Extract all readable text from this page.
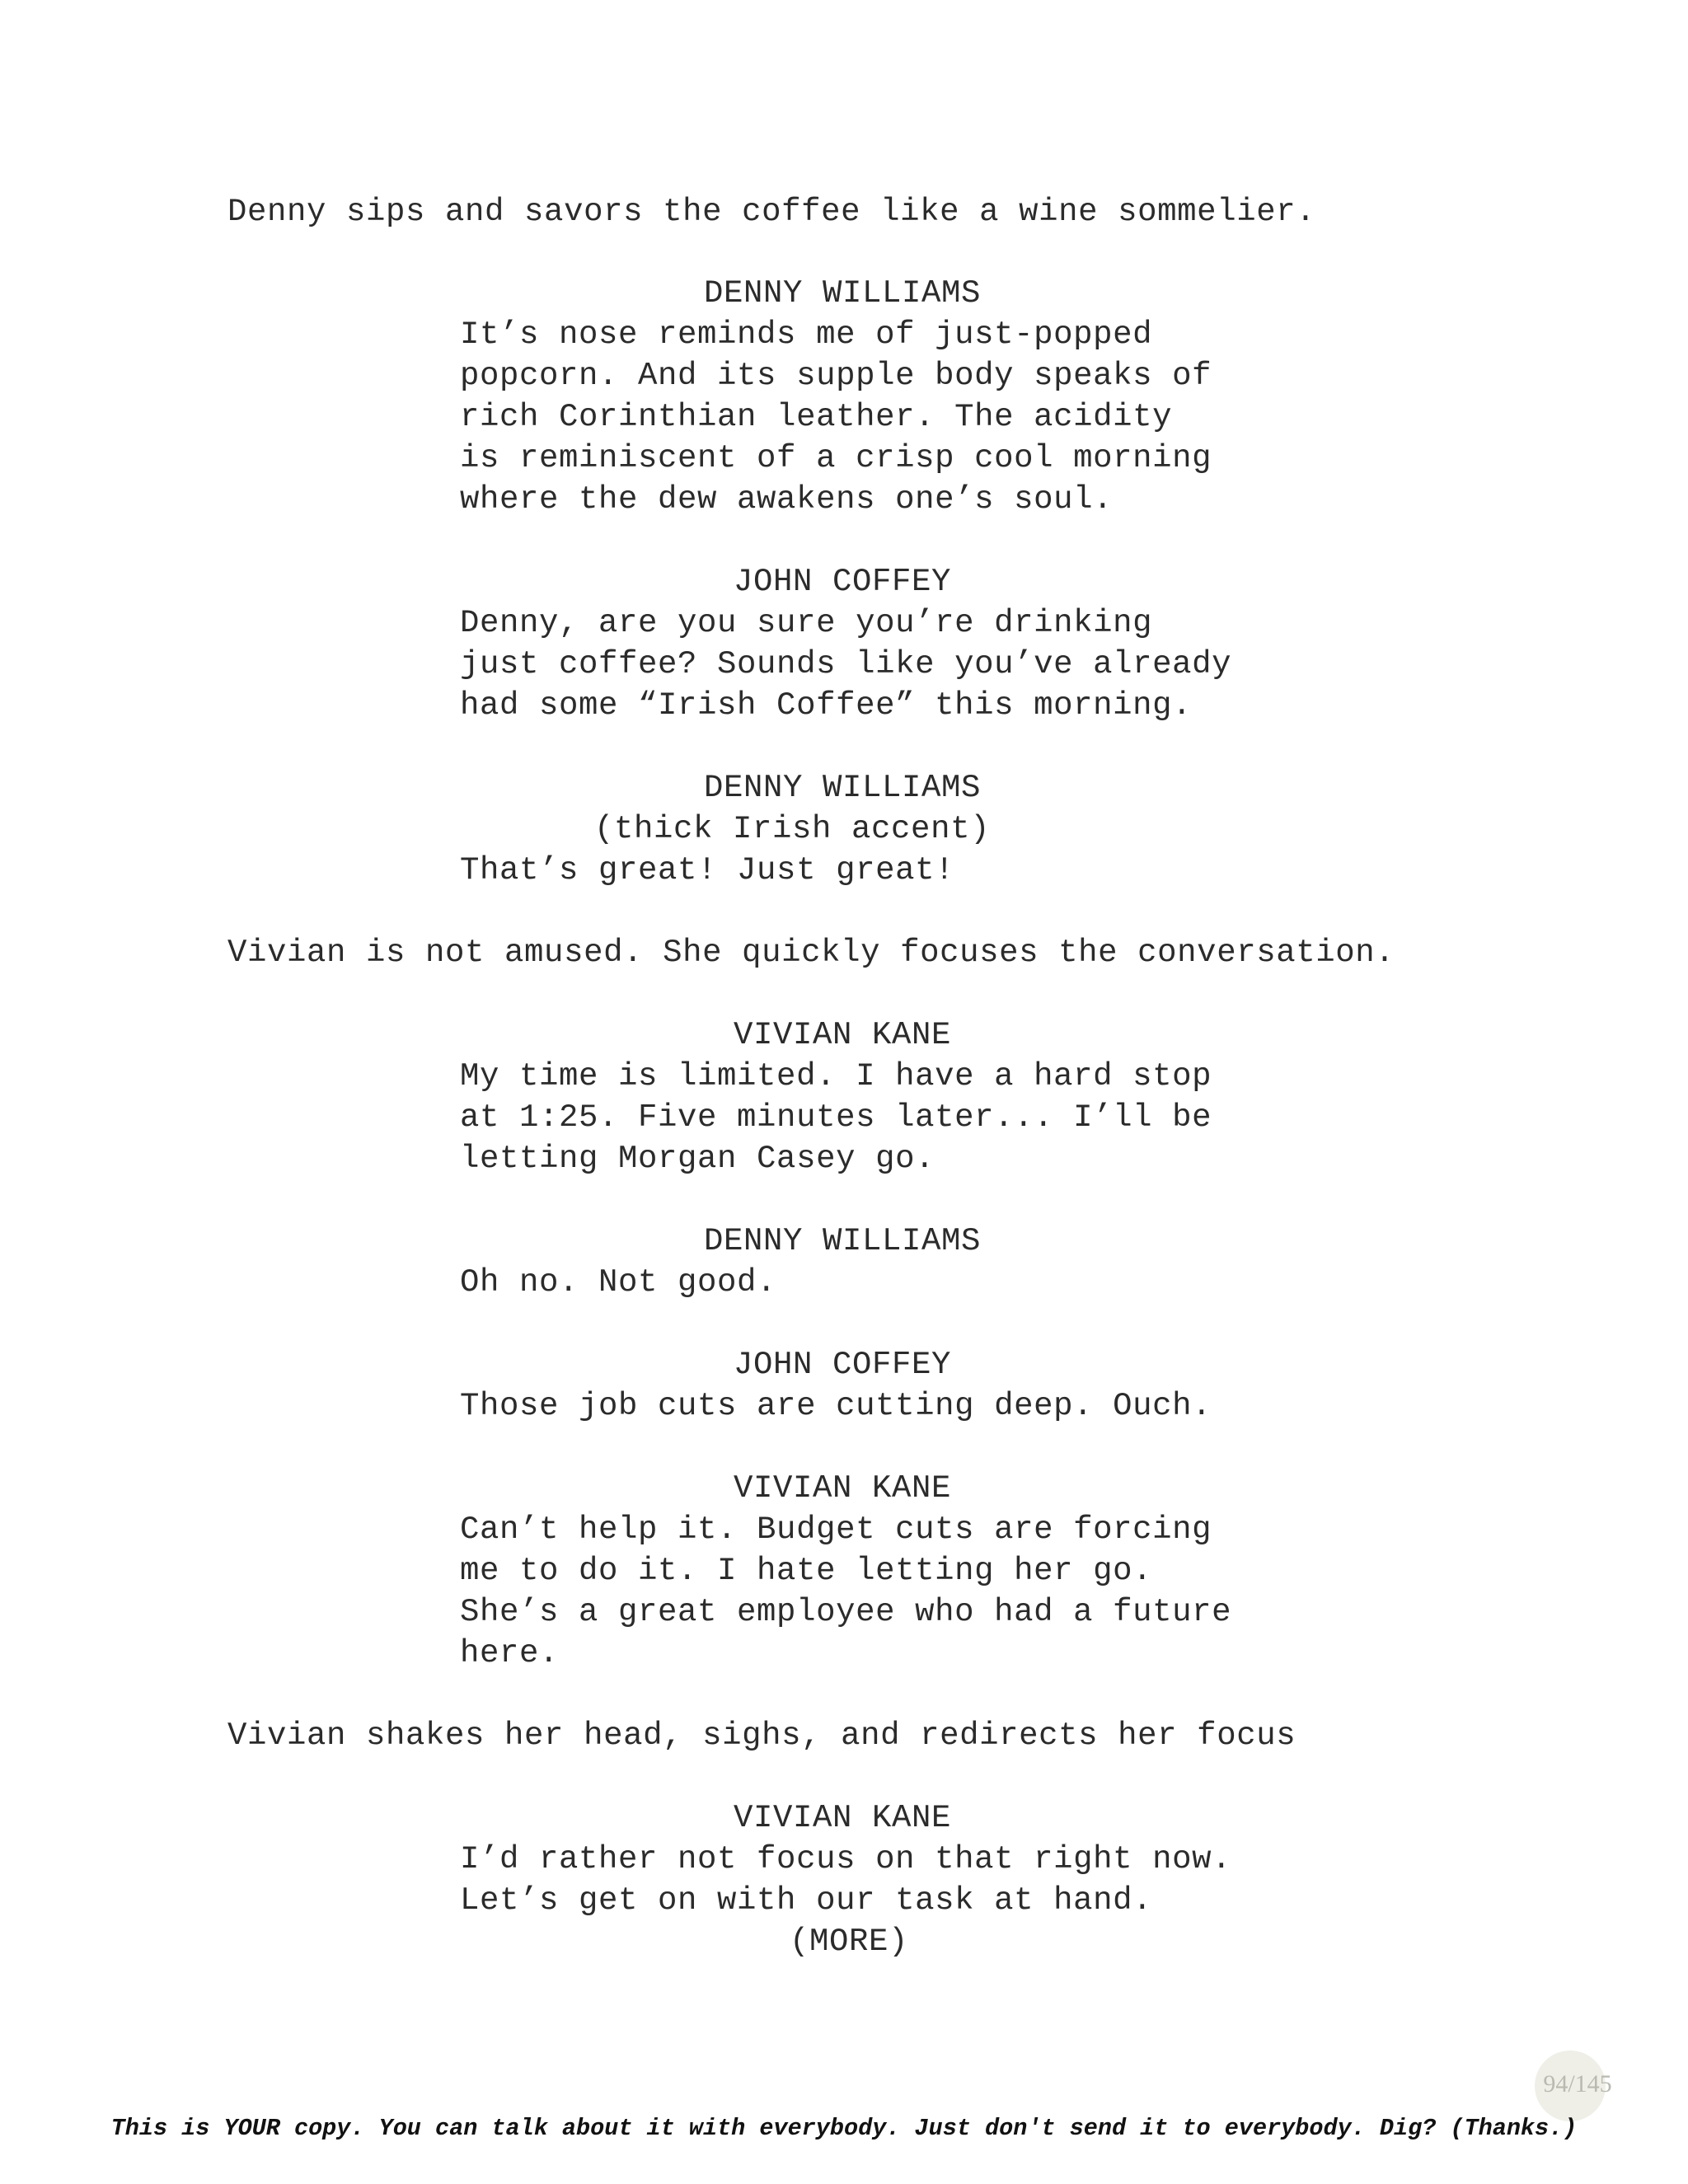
Denny sips and savors the coffee like a wine sommelier.
DENNY WILLIAMS
It’s nose reminds me of just-popped
popcorn. And its supple body speaks of
rich Corinthian leather. The acidity
is reminiscent of a crisp cool morning
where the dew awakens one’s soul.
JOHN COFFEY
Denny, are you sure you’re drinking
just coffee? Sounds like you’ve already
had some “Irish Coffee” this morning.
DENNY WILLIAMS
(thick Irish accent)
That’s great! Just great!
Vivian is not amused. She quickly focuses the conversation.
VIVIAN KANE
My time is limited. I have a hard stop
at 1:25. Five minutes later... I’ll be
letting Morgan Casey go.
DENNY WILLIAMS
Oh no. Not good.
JOHN COFFEY
Those job cuts are cutting deep. Ouch.
VIVIAN KANE
Can’t help it. Budget cuts are forcing
me to do it. I hate letting her go.
She’s a great employee who had a future
here.
Vivian shakes her head, sighs, and redirects her focus
VIVIAN KANE
I’d rather not focus on that right now.
Let’s get on with our task at hand.
(MORE)
94/145
This is YOUR copy. You can talk about it with everybody. Just don't send it to everybody. Dig? (Thanks.)
